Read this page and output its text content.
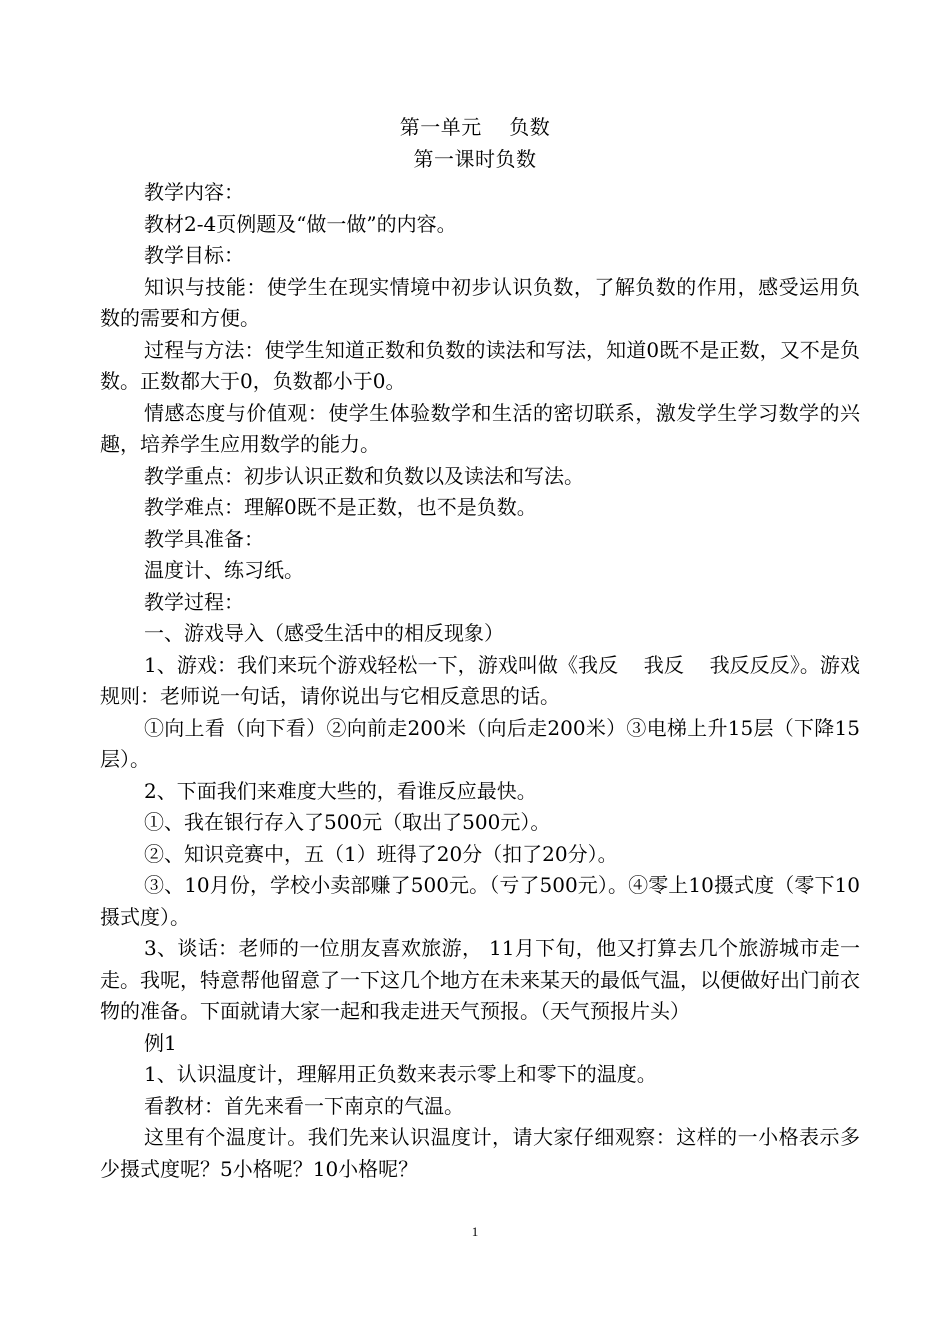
第一单元    负数
第一课时负数

教学内容：

教材2-4页例题及“做一做”的内容。

教学目标：

知识与技能：使学生在现实情境中初步认识负数，了解负数的作用，感受运用负数的需要和方便。

过程与方法：使学生知道正数和负数的读法和写法，知道0既不是正数，又不是负数。正数都大于0，负数都小于0。

情感态度与价值观：使学生体验数学和生活的密切联系，激发学生学习数学的兴趣，培养学生应用数学的能力。

教学重点：初步认识正数和负数以及读法和写法。

教学难点：理解0既不是正数，也不是负数。

教学具准备：

温度计、练习纸。

教学过程：

一、游戏导入（感受生活中的相反现象）

1、游戏：我们来玩个游戏轻松一下，游戏叫做《我反    我反    我反反反》。游戏规则：老师说一句话，请你说出与它相反意思的话。

①向上看（向下看）②向前走200米（向后走200米）③电梯上升15层（下降15层）。

2、下面我们来难度大些的，看谁反应最快。

①、我在银行存入了500元（取出了500元）。

②、知识竞赛中，五（1）班得了20分（扣了20分）。

③、10月份，学校小卖部赚了500元。（亏了500元）。④零上10摄式度（零下10摄式度）。

3、谈话：老师的一位朋友喜欢旅游， 11月下旬，他又打算去几个旅游城市走一走。我呢，特意帮他留意了一下这几个地方在未来某天的最低气温，以便做好出门前衣物的准备。下面就请大家一起和我走进天气预报。（天气预报片头）

例1

1、认识温度计，理解用正负数来表示零上和零下的温度。

看教材：首先来看一下南京的气温。

这里有个温度计。我们先来认识温度计，请大家仔细观察：这样的一小格表示多少摄式度呢？5小格呢？10小格呢？

1
